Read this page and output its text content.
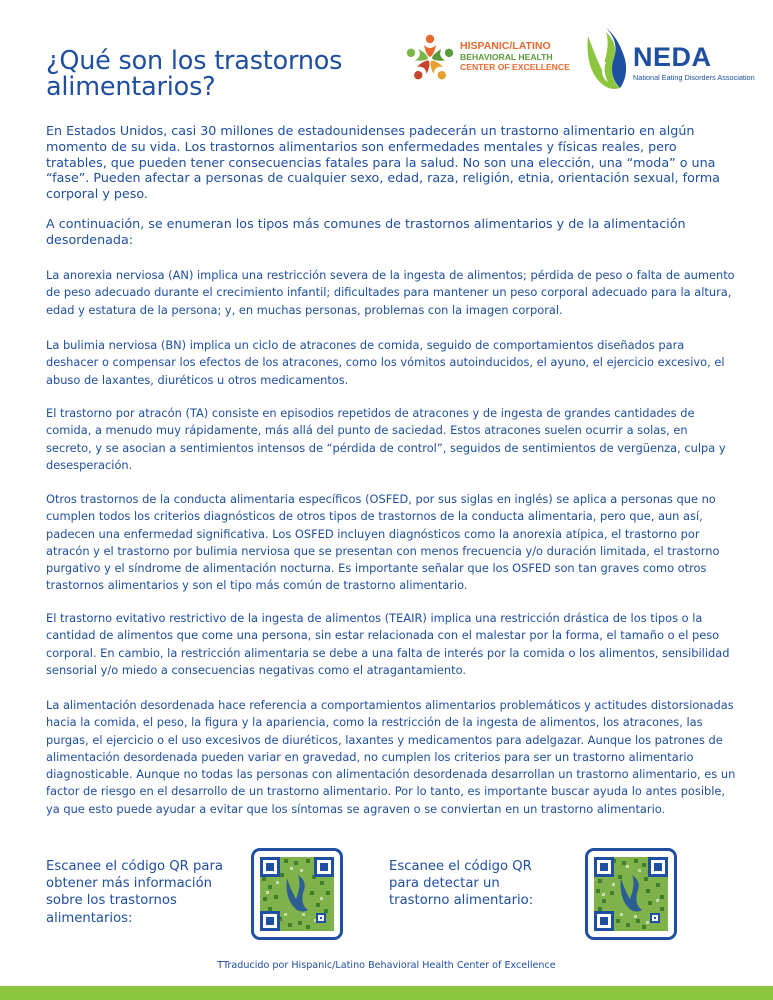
¿Qué son los trastornos
alimentarios?
HISPANIC/LATINO
BEHAVIORAL HEALTH
CENTER OF EXCELLENCE NEDA
National Eating Disorders Association

En Estados Unidos, casi 30 millones de estadounidenses padecerán un trastorno alimentario en algún momento de su vida. Los trastornos alimentarios son enfermedades mentales y físicas reales, pero tratables, que pueden tener consecuencias fatales para la salud. No son una elección, una “moda” o una “fase”. Pueden afectar a personas de cualquier sexo, edad, raza, religión, etnia, orientación sexual, forma corporal y peso.

A continuación, se enumeran los tipos más comunes de trastornos alimentarios y de la alimentación desordenada:

La anorexia nerviosa (AN) implica una restricción severa de la ingesta de alimentos; pérdida de peso o falta de aumento de peso adecuado durante el crecimiento infantil; dificultades para mantener un peso corporal adecuado para la altura, edad y estatura de la persona; y, en muchas personas, problemas con la imagen corporal.

La bulimia nerviosa (BN) implica un ciclo de atracones de comida, seguido de comportamientos diseñados para deshacer o compensar los efectos de los atracones, como los vómitos autoinducidos, el ayuno, el ejercicio excesivo, el abuso de laxantes, diuréticos u otros medicamentos.

El trastorno por atracón (TA) consiste en episodios repetidos de atracones y de ingesta de grandes cantidades de comida, a menudo muy rápidamente, más allá del punto de saciedad. Estos atracones suelen ocurrir a solas, en secreto, y se asocian a sentimientos intensos de “pérdida de control”, seguidos de sentimientos de vergüenza, culpa y desesperación.

Otros trastornos de la conducta alimentaria específicos (OSFED, por sus siglas en inglés) se aplica a personas que no cumplen todos los criterios diagnósticos de otros tipos de trastornos de la conducta alimentaria, pero que, aun así, padecen una enfermedad significativa. Los OSFED incluyen diagnósticos como la anorexia atípica, el trastorno por atracón y el trastorno por bulimia nerviosa que se presentan con menos frecuencia y/o duración limitada, el trastorno purgativo y el síndrome de alimentación nocturna. Es importante señalar que los OSFED son tan graves como otros trastornos alimentarios y son el tipo más común de trastorno alimentario.

El trastorno evitativo restrictivo de la ingesta de alimentos (TEAIR) implica una restricción drástica de los tipos o la cantidad de alimentos que come una persona, sin estar relacionada con el malestar por la forma, el tamaño o el peso corporal. En cambio, la restricción alimentaria se debe a una falta de interés por la comida o los alimentos, sensibilidad sensorial y/o miedo a consecuencias negativas como el atragantamiento.

La alimentación desordenada hace referencia a comportamientos alimentarios problemáticos y actitudes distorsionadas hacia la comida, el peso, la figura y la apariencia, como la restricción de la ingesta de alimentos, los atracones, las purgas, el ejercicio o el uso excesivos de diuréticos, laxantes y medicamentos para adelgazar. Aunque los patrones de alimentación desordenada pueden variar en gravedad, no cumplen los criterios para ser un trastorno alimentario diagnosticable. Aunque no todas las personas con alimentación desordenada desarrollan un trastorno alimentario, es un factor de riesgo en el desarrollo de un trastorno alimentario. Por lo tanto, es importante buscar ayuda lo antes posible, ya que esto puede ayudar a evitar que los síntomas se agraven o se conviertan en un trastorno alimentario.

Escanee el código QR para obtener más información sobre los trastornos alimentarios:

Escanee el código QR para detectar un trastorno alimentario:

TTraducido por Hispanic/Latino Behavioral Health Center of Excellence
